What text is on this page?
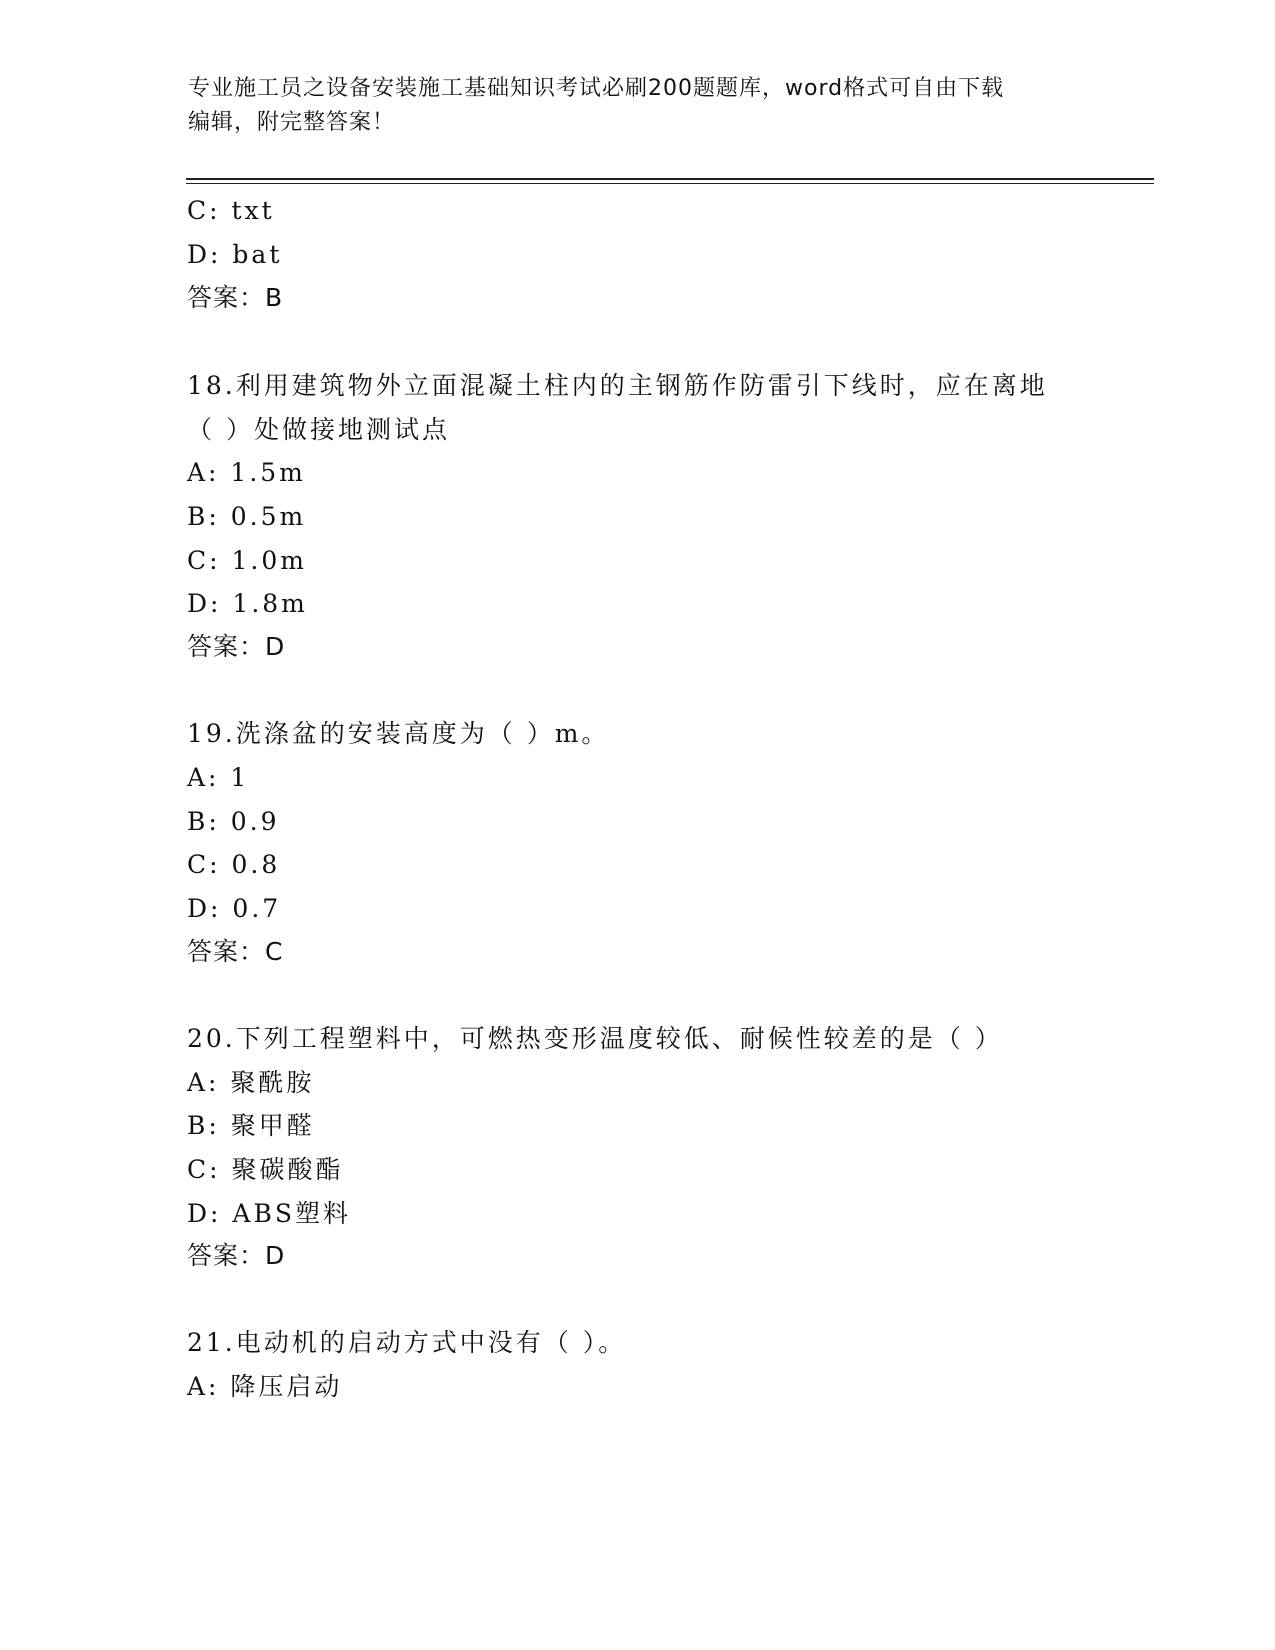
专业施工员之设备安装施工基础知识考试必刷200题题库，word格式可自由下载
编辑，附完整答案！
C: txt
D: bat
答案：B
18.利用建筑物外立面混凝土柱内的主钢筋作防雷引下线时，应在离地
（ ）处做接地测试点
A: 1.5m
B: 0.5m
C: 1.0m
D: 1.8m
答案：D
19.洗涤盆的安装高度为（ ）m。
A: 1
B: 0.9
C: 0.8
D: 0.7
答案：C
20.下列工程塑料中，可燃热变形温度较低、耐候性较差的是（ ）
A: 聚酰胺
B: 聚甲醛
C: 聚碳酸酯
D: ABS塑料
答案：D
21.电动机的启动方式中没有（ ）。
A: 降压启动
